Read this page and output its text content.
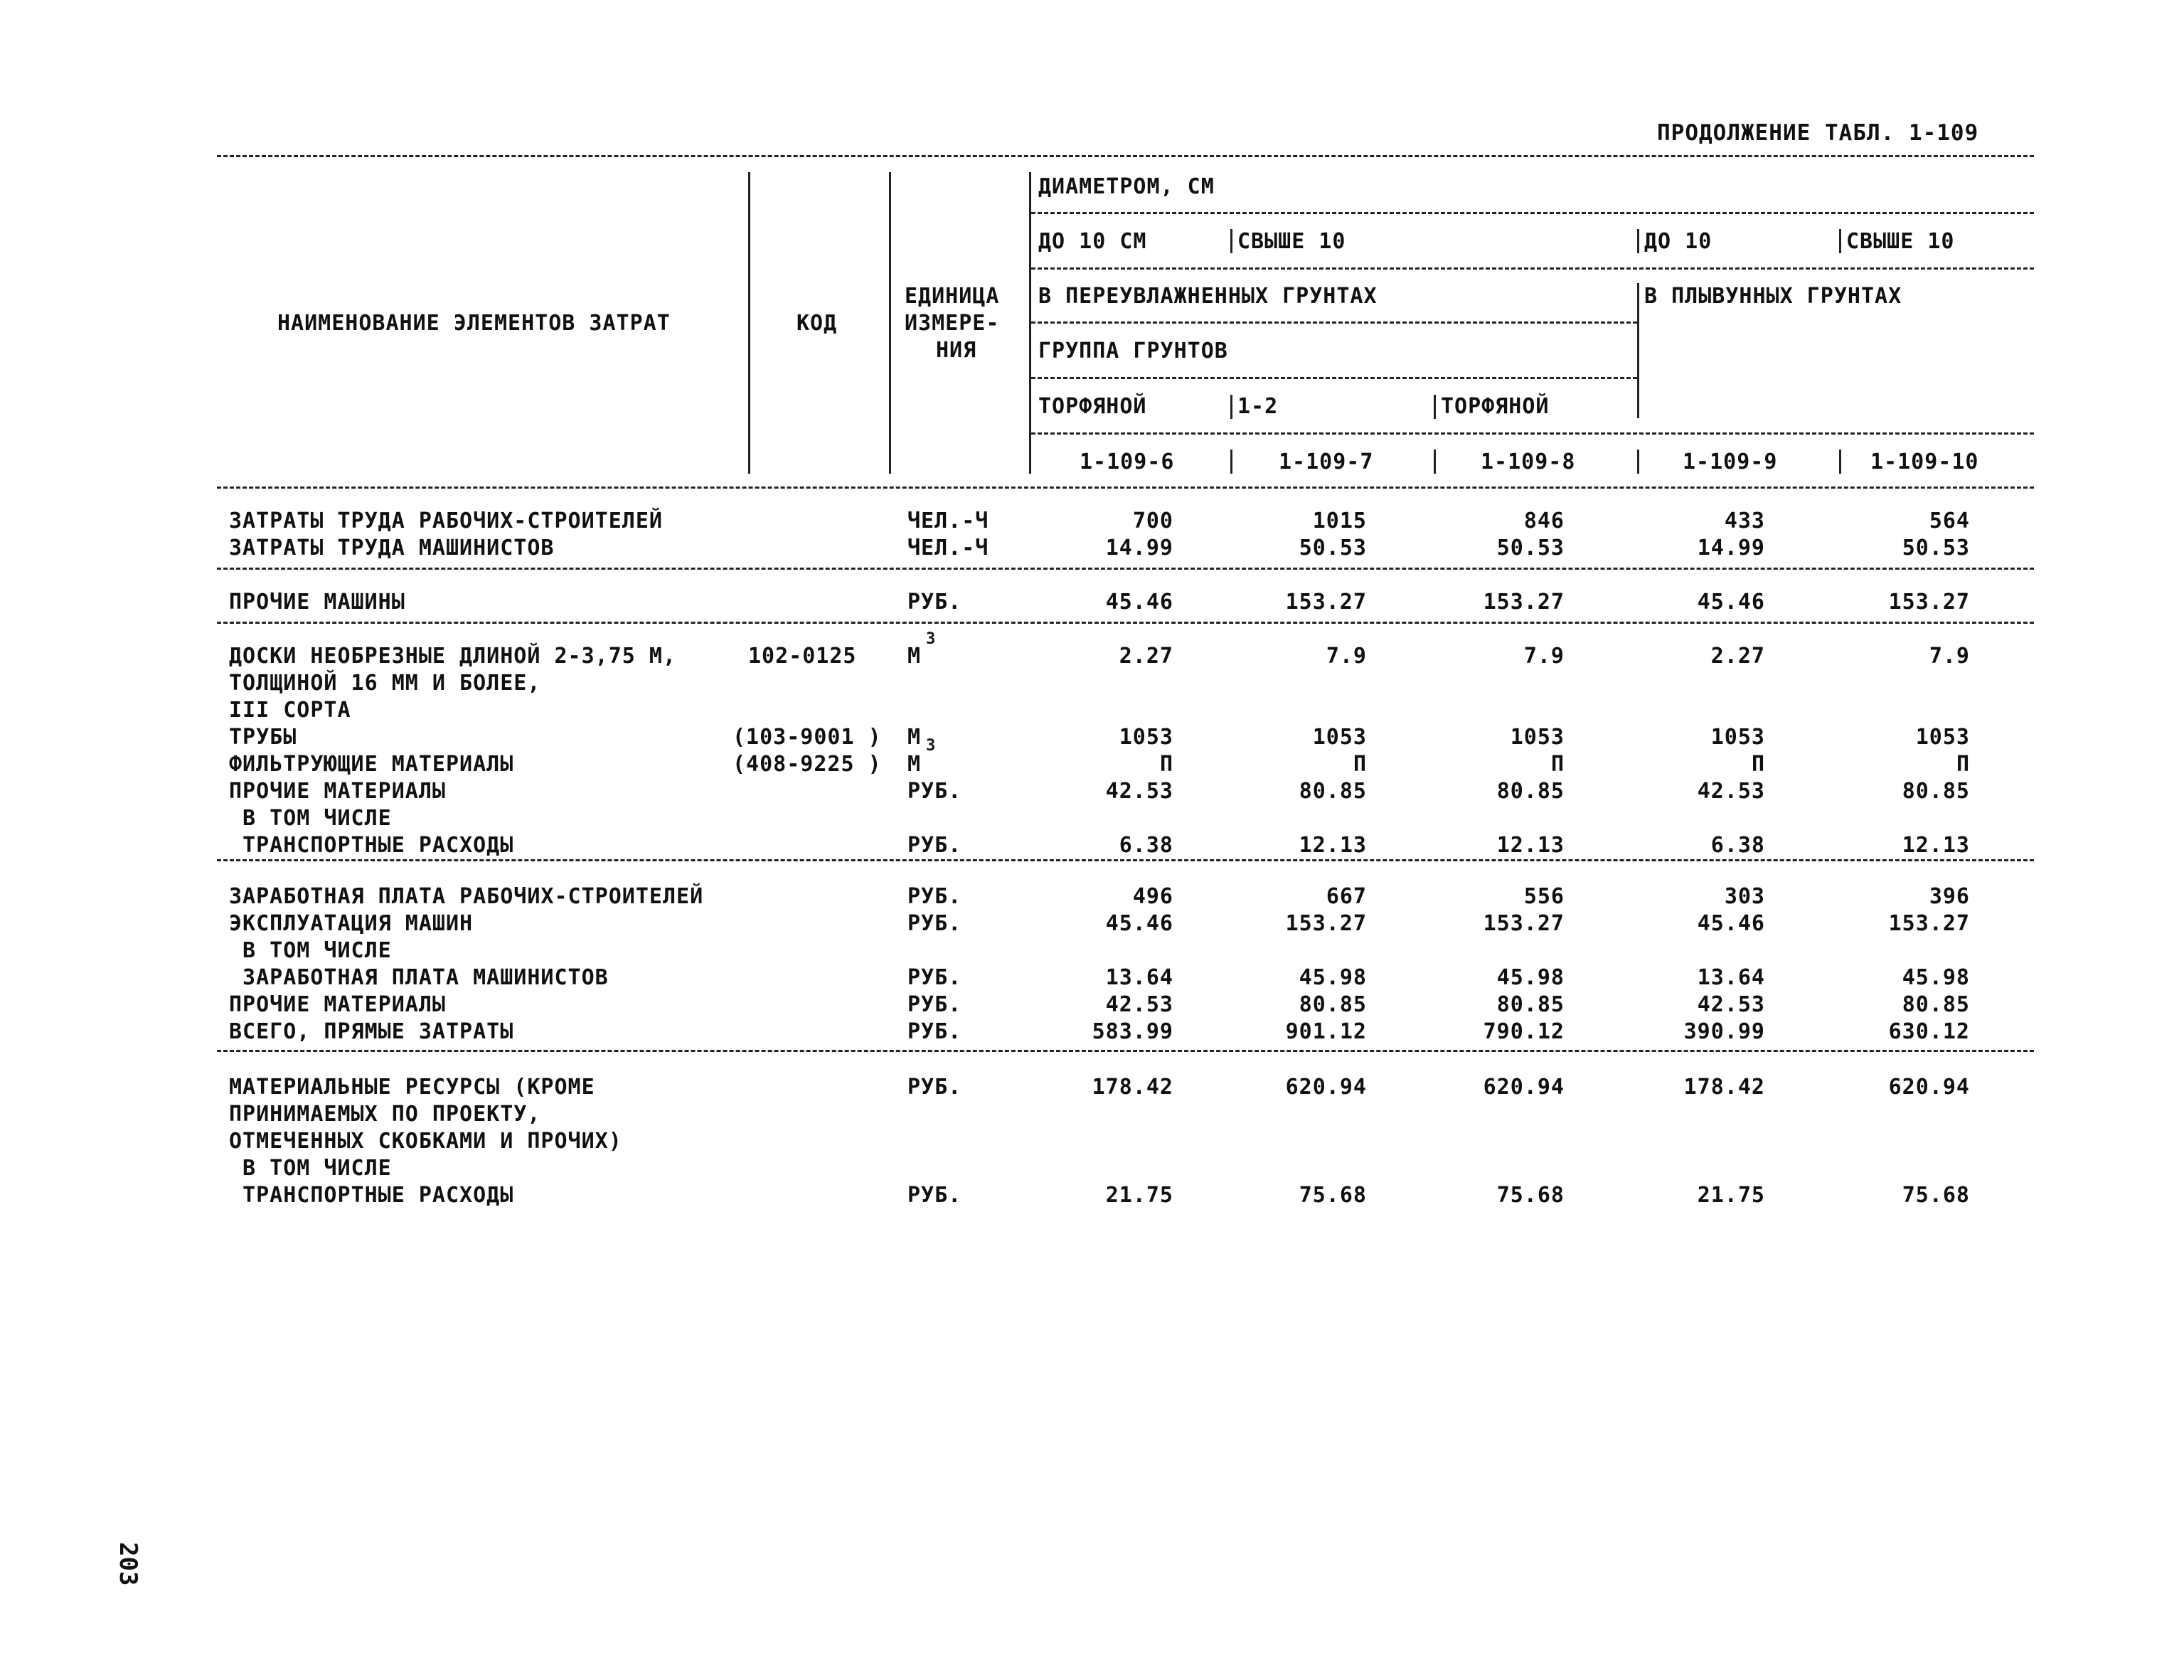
ПРОДОЛЖЕНИЕ ТАБЛ. 1-109
НАИМЕНОВАНИЕ ЭЛЕМЕНТОВ ЗАТРАТ	КОД
ЕДИНИЦА
ИЗМЕРЕ-
НИЯ
ДИАМЕТРОМ, СМ
ДО 10 СМ	СВЫШЕ 10	ДО 10	СВЫШЕ 10
В ПЕРЕУВЛАЖНЕННЫХ ГРУНТАХ	В ПЛЫВУННЫХ ГРУНТАХ
ГРУППА ГРУНТОВ
ТОРФЯНОЙ	1-2	ТОРФЯНОЙ
1-109-6	1-109-7	1-109-8	1-109-9	1-109-10
ЗАТРАТЫ ТРУДА РАБОЧИХ-СТРОИТЕЛЕЙ	ЧЕЛ.-Ч	700	1015	846	433	564
ЗАТРАТЫ ТРУДА МАШИНИСТОВ	ЧЕЛ.-Ч	14.99	50.53	50.53	14.99	50.53
ПРОЧИЕ МАШИНЫ	РУБ.	45.46	153.27	153.27	45.46	153.27
ДОСКИ НЕОБРЕЗНЫЕ ДЛИНОЙ 2-3,75 М,	102-0125 М	2.27	7.9	7.9	2.27	7.9
ТОЛЩИНОЙ 16 ММ И БОЛЕЕ,
III СОРТА
ТРУБЫ	(103-9001 ) М	1053	1053	1053	1053	1053
ФИЛЬТРУЮЩИЕ МАТЕРИАЛЫ	(408-9225 ) М	П	П	П	П	П
ПРОЧИЕ МАТЕРИАЛЫ	РУБ.	42.53	80.85	80.85	42.53	80.85
В ТОМ ЧИСЛЕ
ТРАНСПОРТНЫЕ РАСХОДЫ	РУБ.	6.38	12.13	12.13	6.38	12.13
ЗАРАБОТНАЯ ПЛАТА РАБОЧИХ-СТРОИТЕЛЕЙ	РУБ.	496	667	556	303	396
ЭКСПЛУАТАЦИЯ МАШИН	РУБ.	45.46	153.27	153.27	45.46	153.27
В ТОМ ЧИСЛЕ
ЗАРАБОТНАЯ ПЛАТА МАШИНИСТОВ	РУБ.	13.64	45.98	45.98	13.64	45.98
ПРОЧИЕ МАТЕРИАЛЫ	РУБ.	42.53	80.85	80.85	42.53	80.85
ВСЕГО, ПРЯМЫЕ ЗАТРАТЫ	РУБ.	583.99	901.12	790.12	390.99	630.12
МАТЕРИАЛЬНЫЕ РЕСУРСЫ (КРОМЕ	РУБ.	178.42	620.94	620.94	178.42	620.94
ПРИНИМАЕМЫХ ПО ПРОЕКТУ,
ОТМЕЧЕННЫХ СКОБКАМИ И ПРОЧИХ)
В ТОМ ЧИСЛЕ
ТРАНСПОРТНЫЕ РАСХОДЫ	РУБ.	21.75	75.68	75.68	21.75	75.68
3
3
203
